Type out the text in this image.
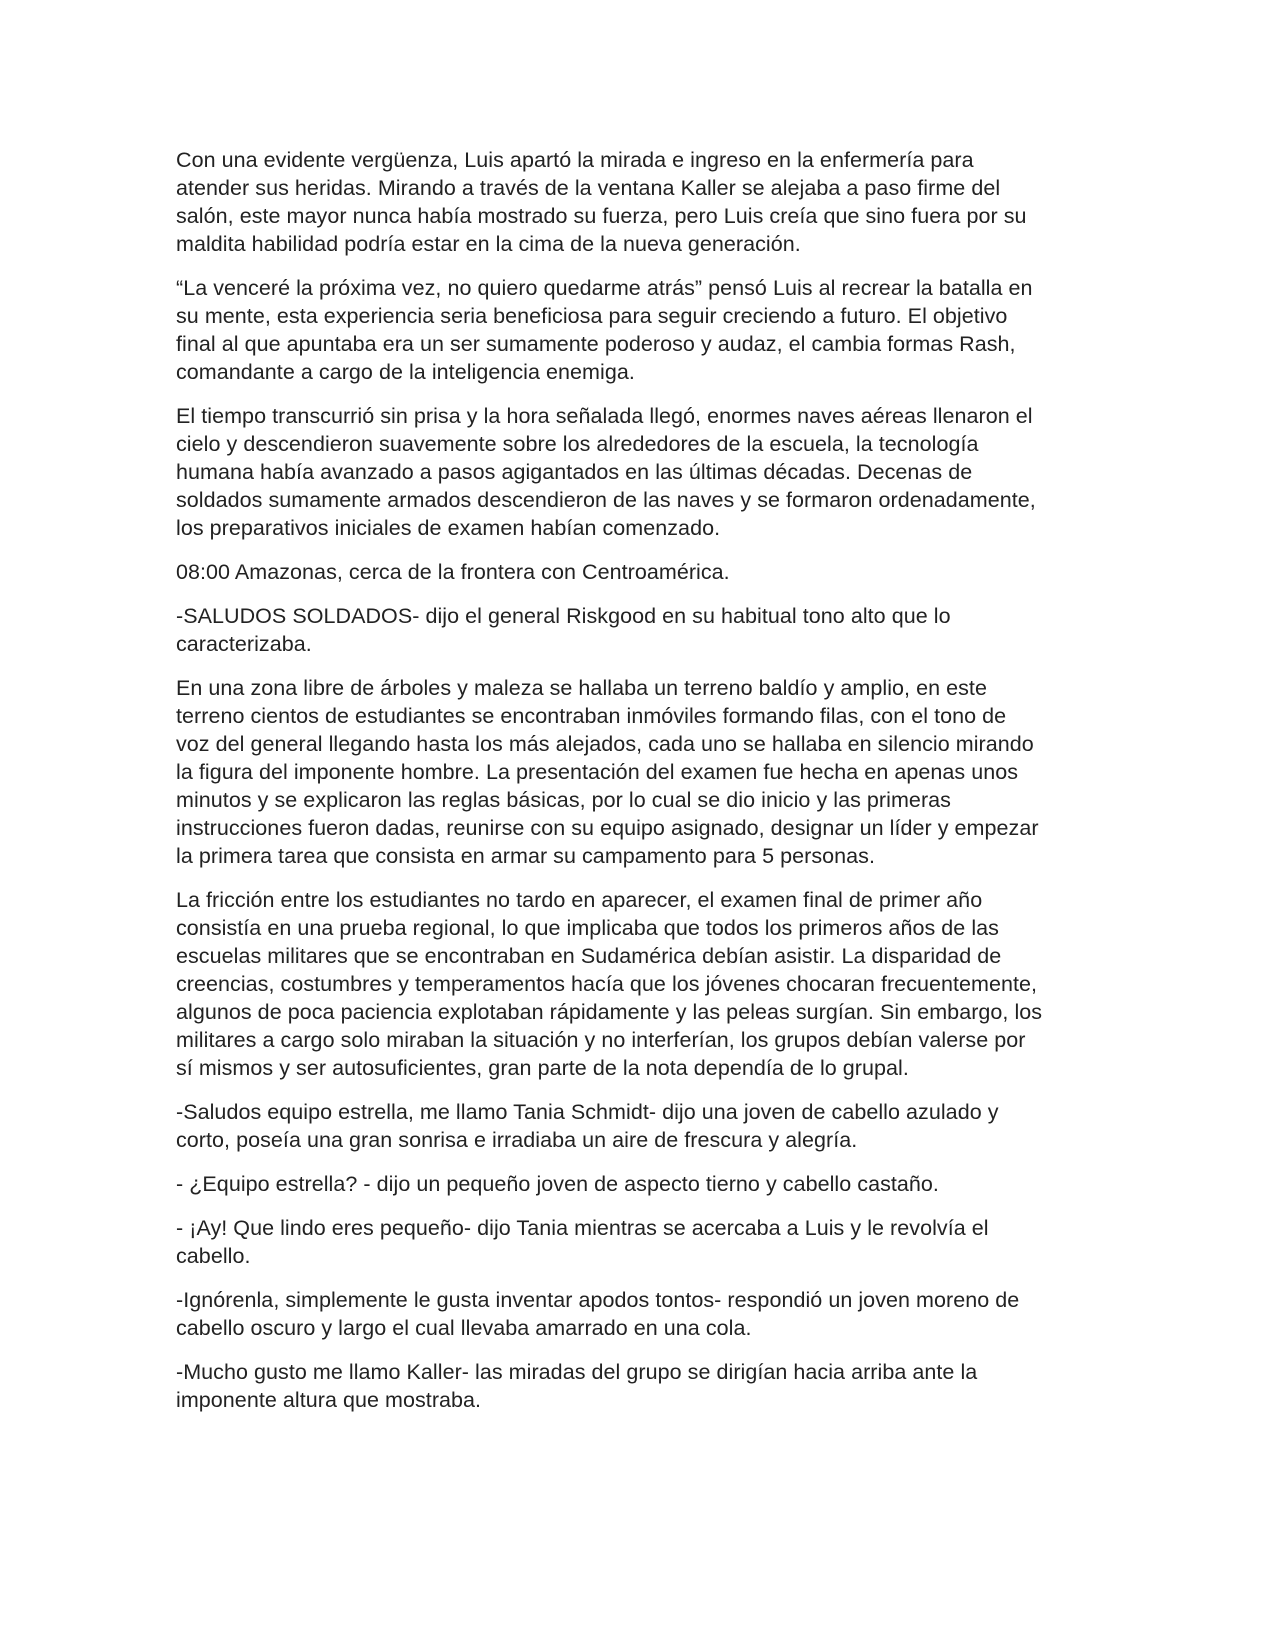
Con una evidente vergüenza, Luis apartó la mirada e ingreso en la enfermería para
atender sus heridas. Mirando a través de la ventana Kaller se alejaba a paso firme del
salón, este mayor nunca había mostrado su fuerza, pero Luis creía que sino fuera por su
maldita habilidad podría estar en la cima de la nueva generación.

“La venceré la próxima vez, no quiero quedarme atrás” pensó Luis al recrear la batalla en
su mente, esta experiencia seria beneficiosa para seguir creciendo a futuro. El objetivo
final al que apuntaba era un ser sumamente poderoso y audaz, el cambia formas Rash,
comandante a cargo de la inteligencia enemiga.

El tiempo transcurrió sin prisa y la hora señalada llegó, enormes naves aéreas llenaron el
cielo y descendieron suavemente sobre los alrededores de la escuela, la tecnología
humana había avanzado a pasos agigantados en las últimas décadas. Decenas de
soldados sumamente armados descendieron de las naves y se formaron ordenadamente,
los preparativos iniciales de examen habían comenzado.

08:00 Amazonas, cerca de la frontera con Centroamérica.

-SALUDOS SOLDADOS- dijo el general Riskgood en su habitual tono alto que lo
caracterizaba.

En una zona libre de árboles y maleza se hallaba un terreno baldío y amplio, en este
terreno cientos de estudiantes se encontraban inmóviles formando filas, con el tono de
voz del general llegando hasta los más alejados, cada uno se hallaba en silencio mirando
la figura del imponente hombre. La presentación del examen fue hecha en apenas unos
minutos y se explicaron las reglas básicas, por lo cual se dio inicio y las primeras
instrucciones fueron dadas, reunirse con su equipo asignado, designar un líder y empezar
la primera tarea que consista en armar su campamento para 5 personas.

La fricción entre los estudiantes no tardo en aparecer, el examen final de primer año
consistía en una prueba regional, lo que implicaba que todos los primeros años de las
escuelas militares que se encontraban en Sudamérica debían asistir. La disparidad de
creencias, costumbres y temperamentos hacía que los jóvenes chocaran frecuentemente,
algunos de poca paciencia explotaban rápidamente y las peleas surgían. Sin embargo, los
militares a cargo solo miraban la situación y no interferían, los grupos debían valerse por
sí mismos y ser autosuficientes, gran parte de la nota dependía de lo grupal.

-Saludos equipo estrella, me llamo Tania Schmidt- dijo una joven de cabello azulado y
corto, poseía una gran sonrisa e irradiaba un aire de frescura y alegría.

- ¿Equipo estrella? - dijo un pequeño joven de aspecto tierno y cabello castaño.

- ¡Ay! Que lindo eres pequeño- dijo Tania mientras se acercaba a Luis y le revolvía el
cabello.

-Ignórenla, simplemente le gusta inventar apodos tontos- respondió un joven moreno de
cabello oscuro y largo el cual llevaba amarrado en una cola.

-Mucho gusto me llamo Kaller- las miradas del grupo se dirigían hacia arriba ante la
imponente altura que mostraba.
